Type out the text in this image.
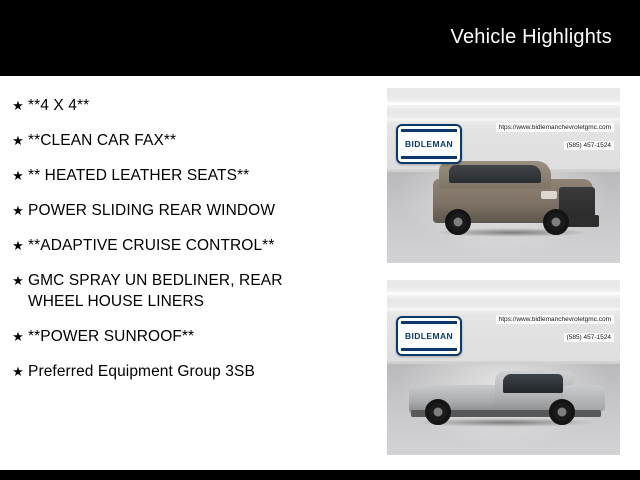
Vehicle Highlights
★ **4 X 4**
★ **CLEAN CAR FAX**
★ ** HEATED LEATHER SEATS**
★ POWER SLIDING REAR WINDOW
★ **ADAPTIVE CRUISE CONTROL**
★ GMC SPRAY UN BEDLINER, REAR WHEEL HOUSE LINERS
★ **POWER SUNROOF**
★ Preferred Equipment Group 3SB
BIDLEMAN
htps://www.bidlemanchevroletgmc.com
(585) 457-1524
BIDLEMAN
htps://www.bidlemanchevroletgmc.com
(585) 457-1524
